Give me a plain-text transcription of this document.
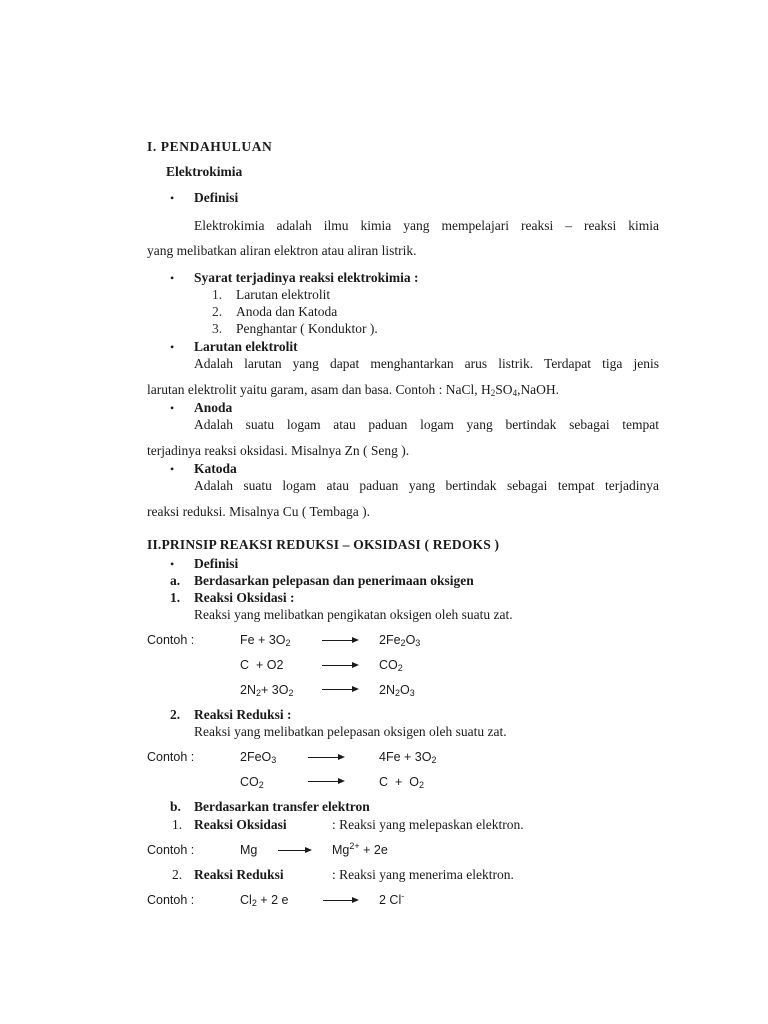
I. PENDAHULUAN
Elektrokimia
• Definisi
Elektrokimia adalah ilmu kimia yang mempelajari reaksi – reaksi kimia
yang melibatkan aliran elektron atau aliran listrik.
• Syarat terjadinya reaksi elektrokimia :
1. Larutan elektrolit
2. Anoda dan Katoda
3. Penghantar ( Konduktor ).
• Larutan elektrolit
Adalah larutan yang dapat menghantarkan arus listrik. Terdapat tiga jenis
larutan elektrolit yaitu garam, asam dan basa. Contoh : NaCl, $H_2SO_4,NaOH$.
• Anoda
Adalah suatu logam atau paduan logam yang bertindak sebagai tempat
terjadinya reaksi oksidasi. Misalnya Zn ( Seng ).
• Katoda
Adalah suatu logam atau paduan yang bertindak sebagai tempat terjadinya
reaksi reduksi. Misalnya Cu ( Tembaga ).
II.PRINSIP REAKSI REDUKSI – OKSIDASI ( REDOKS )
• Definisi
a. Berdasarkan pelepasan dan penerimaan oksigen
1. Reaksi Oksidasi :
Reaksi yang melibatkan pengikatan oksigen oleh suatu zat.
Contoh :	$Fe + 3O_2$	$2Fe_2O_3$
C  + O2	$CO_2$
$2N_2+ 3O_2$	$2N_2O_3$
2. Reaksi Reduksi :
Reaksi yang melibatkan pelepasan oksigen oleh suatu zat.
Contoh :	2FeO$_3$	$4Fe + 3O_2$
$CO_2$	$C + O_2$
b. Berdasarkan transfer elektron
1. Reaksi Oksidasi	: Reaksi yang melepaskan elektron.
Contoh :	Mg	$Mg^{2+} + 2e$
2. Reaksi Reduksi	: Reaksi yang menerima elektron.
Contoh :	$Cl_2 + 2$ e	2 Cl-
